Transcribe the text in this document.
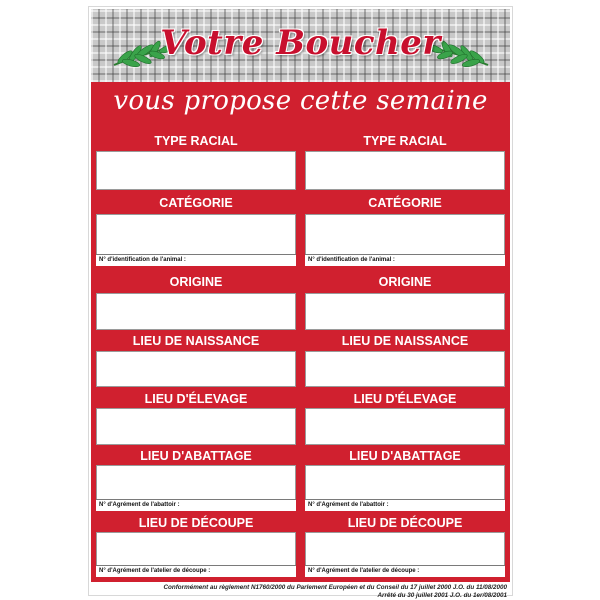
Votre Boucher
vous propose cette semaine
TYPE RACIAL
CATÉGORIE
N° d'identification de l'animal :
ORIGINE
LIEU DE NAISSANCE
LIEU D'ÉLEVAGE
LIEU D'ABATTAGE
N° d'Agrément de l'abattoir :
LIEU DE DÉCOUPE
N° d'Agrément de l'atelier de découpe :
TYPE RACIAL
CATÉGORIE
N° d'identification de l'animal :
ORIGINE
LIEU DE NAISSANCE
LIEU D'ÉLEVAGE
LIEU D'ABATTAGE
N° d'Agrément de l'abattoir :
LIEU DE DÉCOUPE
N° d'Agrément de l'atelier de découpe :
Conformément au règlement N1760/2000 du Parlement Européen et du Conseil du 17 juillet 2000 J.O. du 11/08/2000
Arrêté du 30 juillet 2001 J.O. du 1er/08/2001
